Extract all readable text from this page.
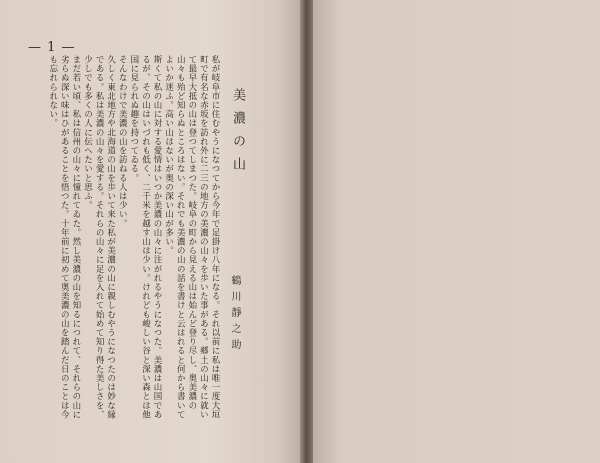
— 1 —

私が岐阜市に住むやうになつてから今年で足掛け八年になる。それ以前に私は唯一度大垣町で有名な赤坂を訪れ外に二三の地方の美濃の山々を歩いた事がある。郷土の山々に就いて最早大抵の山は登つてしまつた。岐阜の町から見える山は始んど登り尽し、奥美濃の山々も殆ど知らぬところはない。それでも美濃の山の話を書けと云はれると何から書いてよいか迷ふ。高い山はないが奥の深い山が多い。

斯くて私の山に対する愛情はいつか美濃の山々に注がれるやうになつた。美濃は山国であるが、その山はいづれも低く、二千米を越す山は少い。けれども峻しい谷と深い森とは他国に見られぬ趣を持つてゐる。

そんなわけで美濃の山を訪ねる人は少い。

久しく東北地方や北海道の山を歩いて来た私が美濃の山に親しむやうになつたのは妙な縁である。私は美濃の山々を愛する。それらの山々に足を入れて始めて知り得た美しさを、少しでも多くの人に伝へたいと思ふ。

まだ若い頃、私は信州の山々に憧れてゐた。然し美濃の山を知るにつれて、それらの山に劣らぬ深い味はひがあることを悟つた。十年前に初めて奥美濃の山を踏んだ日のことは今も忘れられない。	美濃の山
鶴川靜之助
